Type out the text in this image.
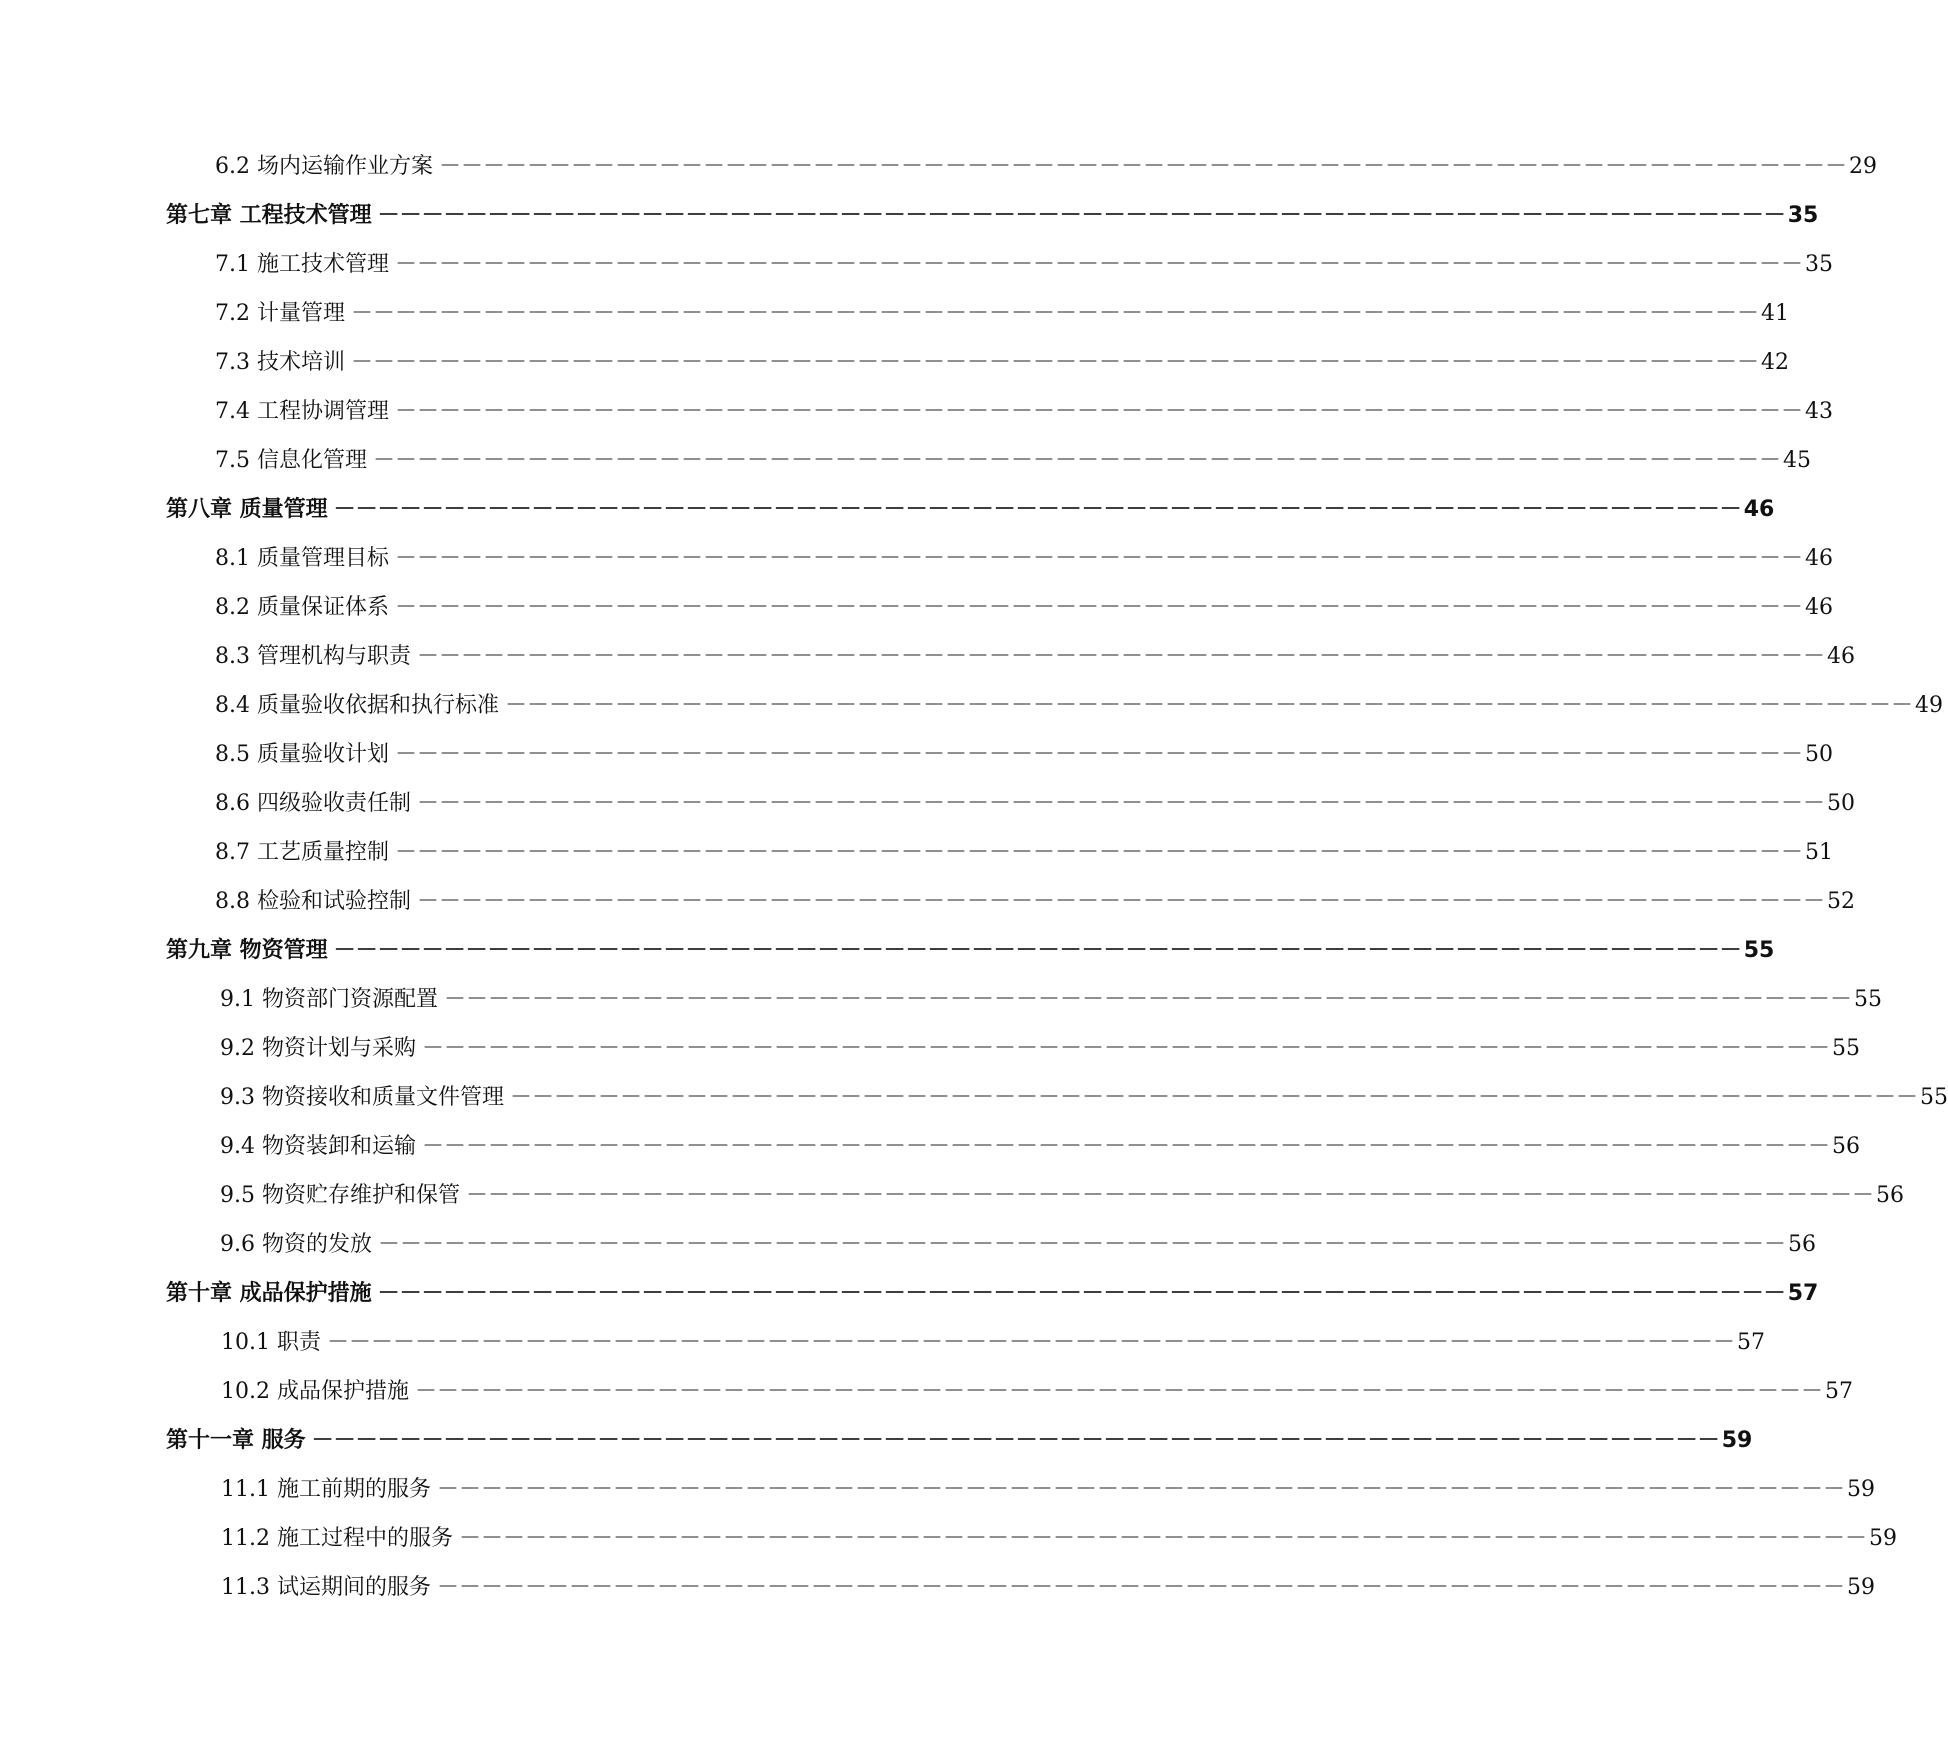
6.2 场内运输作业方案 －－－－－－－－－－－－－－－－－－－－－－－－－－－－－－－－－－－－－－－－－－－－－－－－－－－－－－－－－－－－－－－－ 29
第七章 工程技术管理 －－－－－－－－－－－－－－－－－－－－－－－－－－－－－－－－－－－－－－－－－－－－－－－－－－－－－－－－－－－－－－－－ 35
7.1 施工技术管理 －－－－－－－－－－－－－－－－－－－－－－－－－－－－－－－－－－－－－－－－－－－－－－－－－－－－－－－－－－－－－－－－ 35
7.2 计量管理 －－－－－－－－－－－－－－－－－－－－－－－－－－－－－－－－－－－－－－－－－－－－－－－－－－－－－－－－－－－－－－－－ 41
7.3 技术培训 －－－－－－－－－－－－－－－－－－－－－－－－－－－－－－－－－－－－－－－－－－－－－－－－－－－－－－－－－－－－－－－－ 42
7.4 工程协调管理 －－－－－－－－－－－－－－－－－－－－－－－－－－－－－－－－－－－－－－－－－－－－－－－－－－－－－－－－－－－－－－－－ 43
7.5 信息化管理 －－－－－－－－－－－－－－－－－－－－－－－－－－－－－－－－－－－－－－－－－－－－－－－－－－－－－－－－－－－－－－－－ 45
第八章 质量管理 －－－－－－－－－－－－－－－－－－－－－－－－－－－－－－－－－－－－－－－－－－－－－－－－－－－－－－－－－－－－－－－－ 46
8.1 质量管理目标 －－－－－－－－－－－－－－－－－－－－－－－－－－－－－－－－－－－－－－－－－－－－－－－－－－－－－－－－－－－－－－－－ 46
8.2 质量保证体系 －－－－－－－－－－－－－－－－－－－－－－－－－－－－－－－－－－－－－－－－－－－－－－－－－－－－－－－－－－－－－－－－ 46
8.3 管理机构与职责 －－－－－－－－－－－－－－－－－－－－－－－－－－－－－－－－－－－－－－－－－－－－－－－－－－－－－－－－－－－－－－－－ 46
8.4 质量验收依据和执行标准 －－－－－－－－－－－－－－－－－－－－－－－－－－－－－－－－－－－－－－－－－－－－－－－－－－－－－－－－－－－－－－－－ 49
8.5 质量验收计划 －－－－－－－－－－－－－－－－－－－－－－－－－－－－－－－－－－－－－－－－－－－－－－－－－－－－－－－－－－－－－－－－ 50
8.6 四级验收责任制 －－－－－－－－－－－－－－－－－－－－－－－－－－－－－－－－－－－－－－－－－－－－－－－－－－－－－－－－－－－－－－－－ 50
8.7 工艺质量控制 －－－－－－－－－－－－－－－－－－－－－－－－－－－－－－－－－－－－－－－－－－－－－－－－－－－－－－－－－－－－－－－－ 51
8.8 检验和试验控制 －－－－－－－－－－－－－－－－－－－－－－－－－－－－－－－－－－－－－－－－－－－－－－－－－－－－－－－－－－－－－－－－ 52
第九章 物资管理 －－－－－－－－－－－－－－－－－－－－－－－－－－－－－－－－－－－－－－－－－－－－－－－－－－－－－－－－－－－－－－－－ 55
9.1 物资部门资源配置 －－－－－－－－－－－－－－－－－－－－－－－－－－－－－－－－－－－－－－－－－－－－－－－－－－－－－－－－－－－－－－－－ 55
9.2 物资计划与采购 －－－－－－－－－－－－－－－－－－－－－－－－－－－－－－－－－－－－－－－－－－－－－－－－－－－－－－－－－－－－－－－－ 55
9.3 物资接收和质量文件管理 －－－－－－－－－－－－－－－－－－－－－－－－－－－－－－－－－－－－－－－－－－－－－－－－－－－－－－－－－－－－－－－－ 55
9.4 物资装卸和运输 －－－－－－－－－－－－－－－－－－－－－－－－－－－－－－－－－－－－－－－－－－－－－－－－－－－－－－－－－－－－－－－－ 56
9.5 物资贮存维护和保管 －－－－－－－－－－－－－－－－－－－－－－－－－－－－－－－－－－－－－－－－－－－－－－－－－－－－－－－－－－－－－－－－ 56
9.6 物资的发放 －－－－－－－－－－－－－－－－－－－－－－－－－－－－－－－－－－－－－－－－－－－－－－－－－－－－－－－－－－－－－－－－ 56
第十章 成品保护措施 －－－－－－－－－－－－－－－－－－－－－－－－－－－－－－－－－－－－－－－－－－－－－－－－－－－－－－－－－－－－－－－－ 57
10.1 职责 －－－－－－－－－－－－－－－－－－－－－－－－－－－－－－－－－－－－－－－－－－－－－－－－－－－－－－－－－－－－－－－－ 57
10.2 成品保护措施 －－－－－－－－－－－－－－－－－－－－－－－－－－－－－－－－－－－－－－－－－－－－－－－－－－－－－－－－－－－－－－－－ 57
第十一章 服务 －－－－－－－－－－－－－－－－－－－－－－－－－－－－－－－－－－－－－－－－－－－－－－－－－－－－－－－－－－－－－－－－ 59
11.1 施工前期的服务 －－－－－－－－－－－－－－－－－－－－－－－－－－－－－－－－－－－－－－－－－－－－－－－－－－－－－－－－－－－－－－－－ 59
11.2 施工过程中的服务 －－－－－－－－－－－－－－－－－－－－－－－－－－－－－－－－－－－－－－－－－－－－－－－－－－－－－－－－－－－－－－－－ 59
11.3 试运期间的服务 －－－－－－－－－－－－－－－－－－－－－－－－－－－－－－－－－－－－－－－－－－－－－－－－－－－－－－－－－－－－－－－－ 59
